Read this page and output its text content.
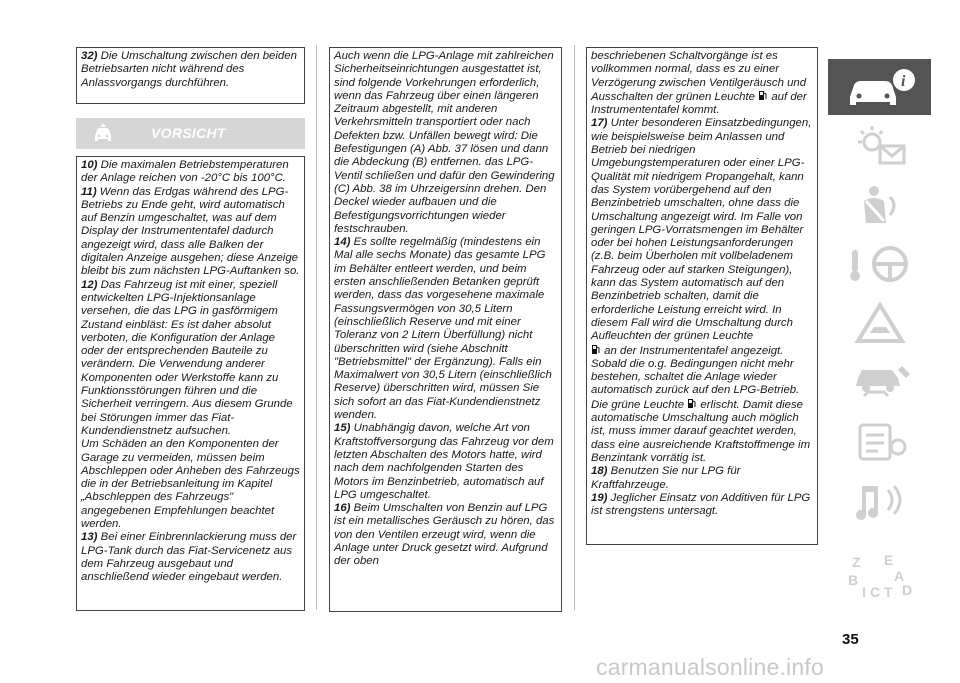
32) Die Umschaltung zwischen den beiden Betriebsarten nicht während des Anlassvorgangs durchführen.

VORSICHT

10) Die maximalen Betriebstemperaturen der Anlage reichen von -20°C bis 100°C.

11) Wenn das Erdgas während des LPG-Betriebs zu Ende geht, wird automatisch auf Benzin umgeschaltet, was auf dem Display der Instrumententafel dadurch angezeigt wird, dass alle Balken der digitalen Anzeige ausgehen; diese Anzeige bleibt bis zum nächsten LPG-Auftanken so.

12) Das Fahrzeug ist mit einer, speziell entwickelten LPG-Injektionsanlage versehen, die das LPG in gasförmigem Zustand einbläst: Es ist daher absolut verboten, die Konfiguration der Anlage oder der entsprechenden Bauteile zu verändern. Die Verwendung anderer Komponenten oder Werkstoffe kann zu Funktionsstörungen führen und die Sicherheit verringern. Aus diesem Grunde bei Störungen immer das Fiat-Kundendienstnetz aufsuchen.

Um Schäden an den Komponenten der Garage zu vermeiden, müssen beim Abschleppen oder Anheben des Fahrzeugs die in der Betriebsanleitung im Kapitel „Abschleppen des Fahrzeugs" angegebenen Empfehlungen beachtet werden.

13) Bei einer Einbrennlackierung muss der LPG-Tank durch das Fiat-Servicenetz aus dem Fahrzeug ausgebaut und anschließend wieder eingebaut werden.

Auch wenn die LPG-Anlage mit zahlreichen Sicherheitseinrichtungen ausgestattet ist, sind folgende Vorkehrungen erforderlich, wenn das Fahrzeug über einen längeren Zeitraum abgestellt, mit anderen Verkehrsmitteln transportiert oder nach Defekten bzw. Unfällen bewegt wird: Die Befestigungen (A) Abb. 37 lösen und dann die Abdeckung (B) entfernen. das LPG-Ventil schließen und dafür den Gewindering (C) Abb. 38 im Uhrzeigersinn drehen. Den Deckel wieder aufbauen und die Befestigungsvorrichtungen wieder festschrauben.

14) Es sollte regelmäßig (mindestens ein Mal alle sechs Monate) das gesamte LPG im Behälter entleert werden, und beim ersten anschließenden Betanken geprüft werden, dass das vorgesehene maximale Fassungsvermögen von 30,5 Litern (einschließlich Reserve und mit einer Toleranz von 2 Litern Überfüllung) nicht überschritten wird (siehe Abschnitt "Betriebsmittel" der Ergänzung). Falls ein Maximalwert von 30,5 Litern (einschließlich Reserve) überschritten wird, müssen Sie sich sofort an das Fiat-Kundendienstnetz wenden.

15) Unabhängig davon, welche Art von Kraftstoffversorgung das Fahrzeug vor dem letzten Abschalten des Motors hatte, wird nach dem nachfolgenden Starten des Motors im Benzinbetrieb, automatisch auf LPG umgeschaltet.

16) Beim Umschalten von Benzin auf LPG ist ein metallisches Geräusch zu hören, das von den Ventilen erzeugt wird, wenn die Anlage unter Druck gesetzt wird. Aufgrund der oben

beschriebenen Schaltvorgänge ist es vollkommen normal, dass es zu einer Verzögerung zwischen Ventilgeräusch und Ausschalten der grünen Leuchte  auf der Instrumententafel kommt.

17) Unter besonderen Einsatzbedingungen, wie beispielsweise beim Anlassen und Betrieb bei niedrigen Umgebungstemperaturen oder einer LPG-Qualität mit niedrigem Propangehalt, kann das System vorübergehend auf den Benzinbetrieb umschalten, ohne dass die Umschaltung angezeigt wird. Im Falle von geringen LPG-Vorratsmengen im Behälter oder bei hohen Leistungsanforderungen (z.B. beim Überholen mit vollbeladenem Fahrzeug oder auf starken Steigungen), kann das System automatisch auf den Benzinbetrieb schalten, damit die erforderliche Leistung erreicht wird. In diesem Fall wird die Umschaltung durch Aufleuchten der grünen Leuchte
an der Instrumententafel angezeigt. Sobald die o.g. Bedingungen nicht mehr bestehen, schaltet die Anlage wieder automatisch zurück auf den LPG-Betrieb. Die grüne Leuchte  erlischt. Damit diese automatische Umschaltung auch möglich ist, muss immer darauf geachtet werden, dass eine ausreichende Kraftstoffmenge im Benzintank vorrätig ist.

18) Benutzen Sie nur LPG für Kraftfahrzeuge.

19) Jeglicher Einsatz von Additiven für LPG ist strengstens untersagt.

i
Z E
B	A
I C T D
35
carmanualsonline.info
